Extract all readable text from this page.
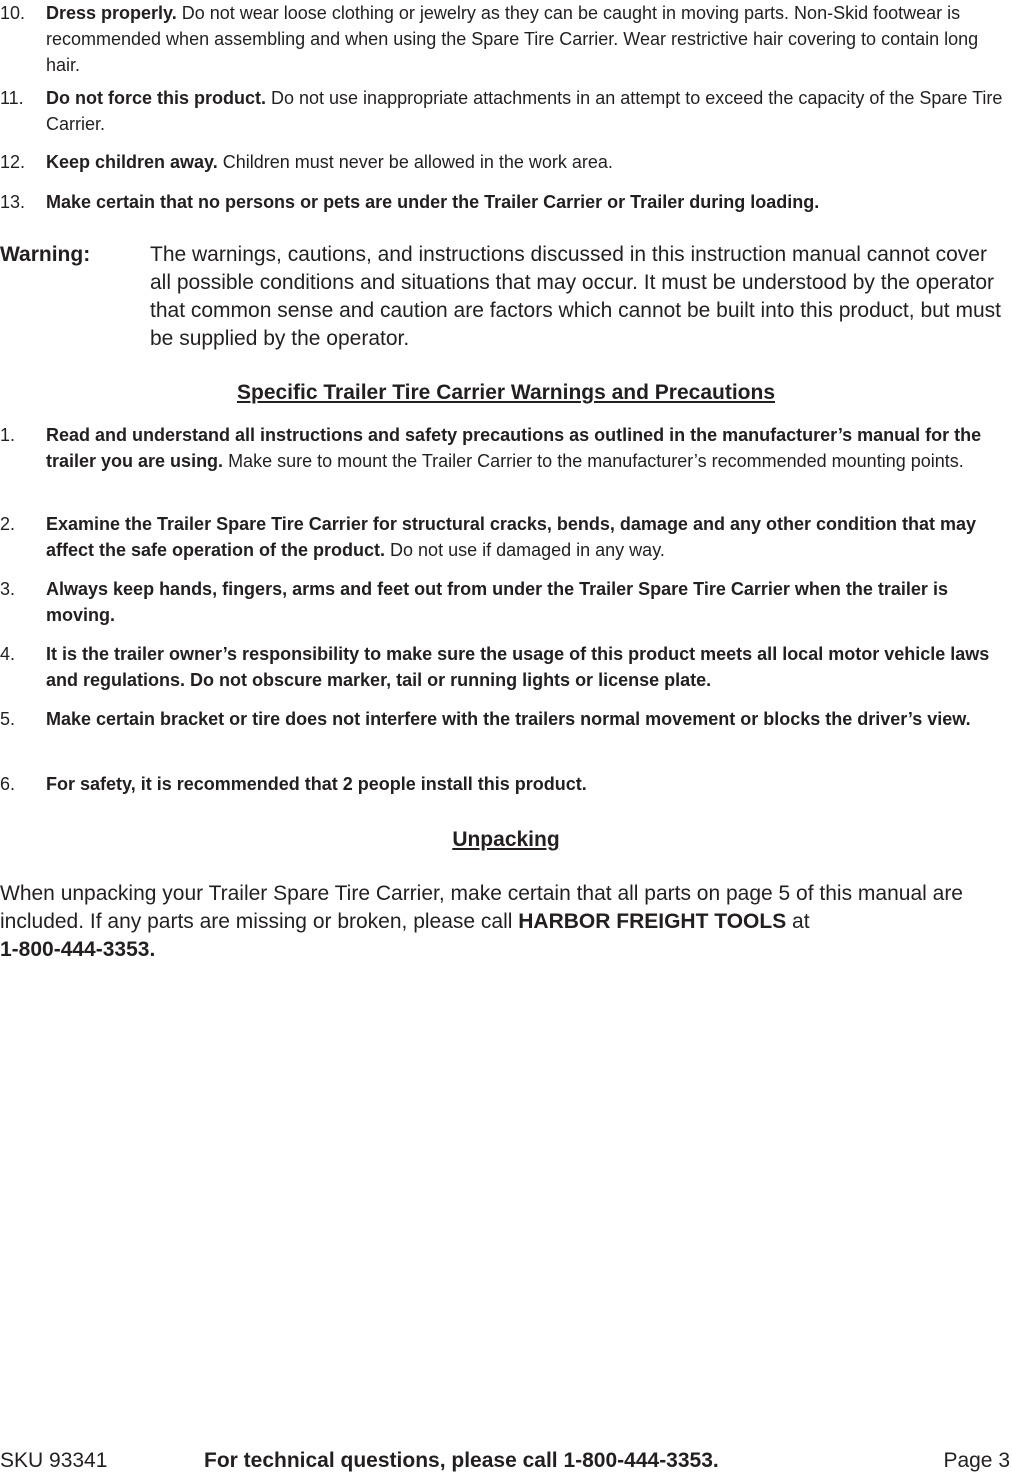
10. Dress properly. Do not wear loose clothing or jewelry as they can be caught in moving parts. Non-Skid footwear is recommended when assembling and when using the Spare Tire Carrier. Wear restrictive hair covering to contain long hair.
11. Do not force this product. Do not use inappropriate attachments in an attempt to exceed the capacity of the Spare Tire Carrier.
12. Keep children away. Children must never be allowed in the work area.
13. Make certain that no persons or pets are under the Trailer Carrier or Trailer during loading.
Warning:	The warnings, cautions, and instructions discussed in this instruction manual cannot cover all possible conditions and situations that may occur. It must be understood by the operator that common sense and caution are factors which cannot be built into this product, but must be supplied by the operator.
Specific Trailer Tire Carrier Warnings and Precautions
1. Read and understand all instructions and safety precautions as outlined in the manufacturer’s manual for the trailer you are using. Make sure to mount the Trailer Carrier to the manufacturer’s recommended mounting points.
2. Examine the Trailer Spare Tire Carrier for structural cracks, bends, damage and any other condition that may affect the safe operation of the product. Do not use if damaged in any way.
3. Always keep hands, fingers, arms and feet out from under the Trailer Spare Tire Carrier when the trailer is moving.
4. It is the trailer owner’s responsibility to make sure the usage of this product meets all local motor vehicle laws and regulations. Do not obscure marker, tail or running lights or license plate.
5. Make certain bracket or tire does not interfere with the trailers normal movement or blocks the driver’s view.
6. For safety, it is recommended that 2 people install this product.
Unpacking
When unpacking your Trailer Spare Tire Carrier, make certain that all parts on page 5 of this manual are included. If any parts are missing or broken, please call HARBOR FREIGHT TOOLS at
1-800-444-3353.
SKU 93341	For technical questions, please call 1-800-444-3353.	Page 3
